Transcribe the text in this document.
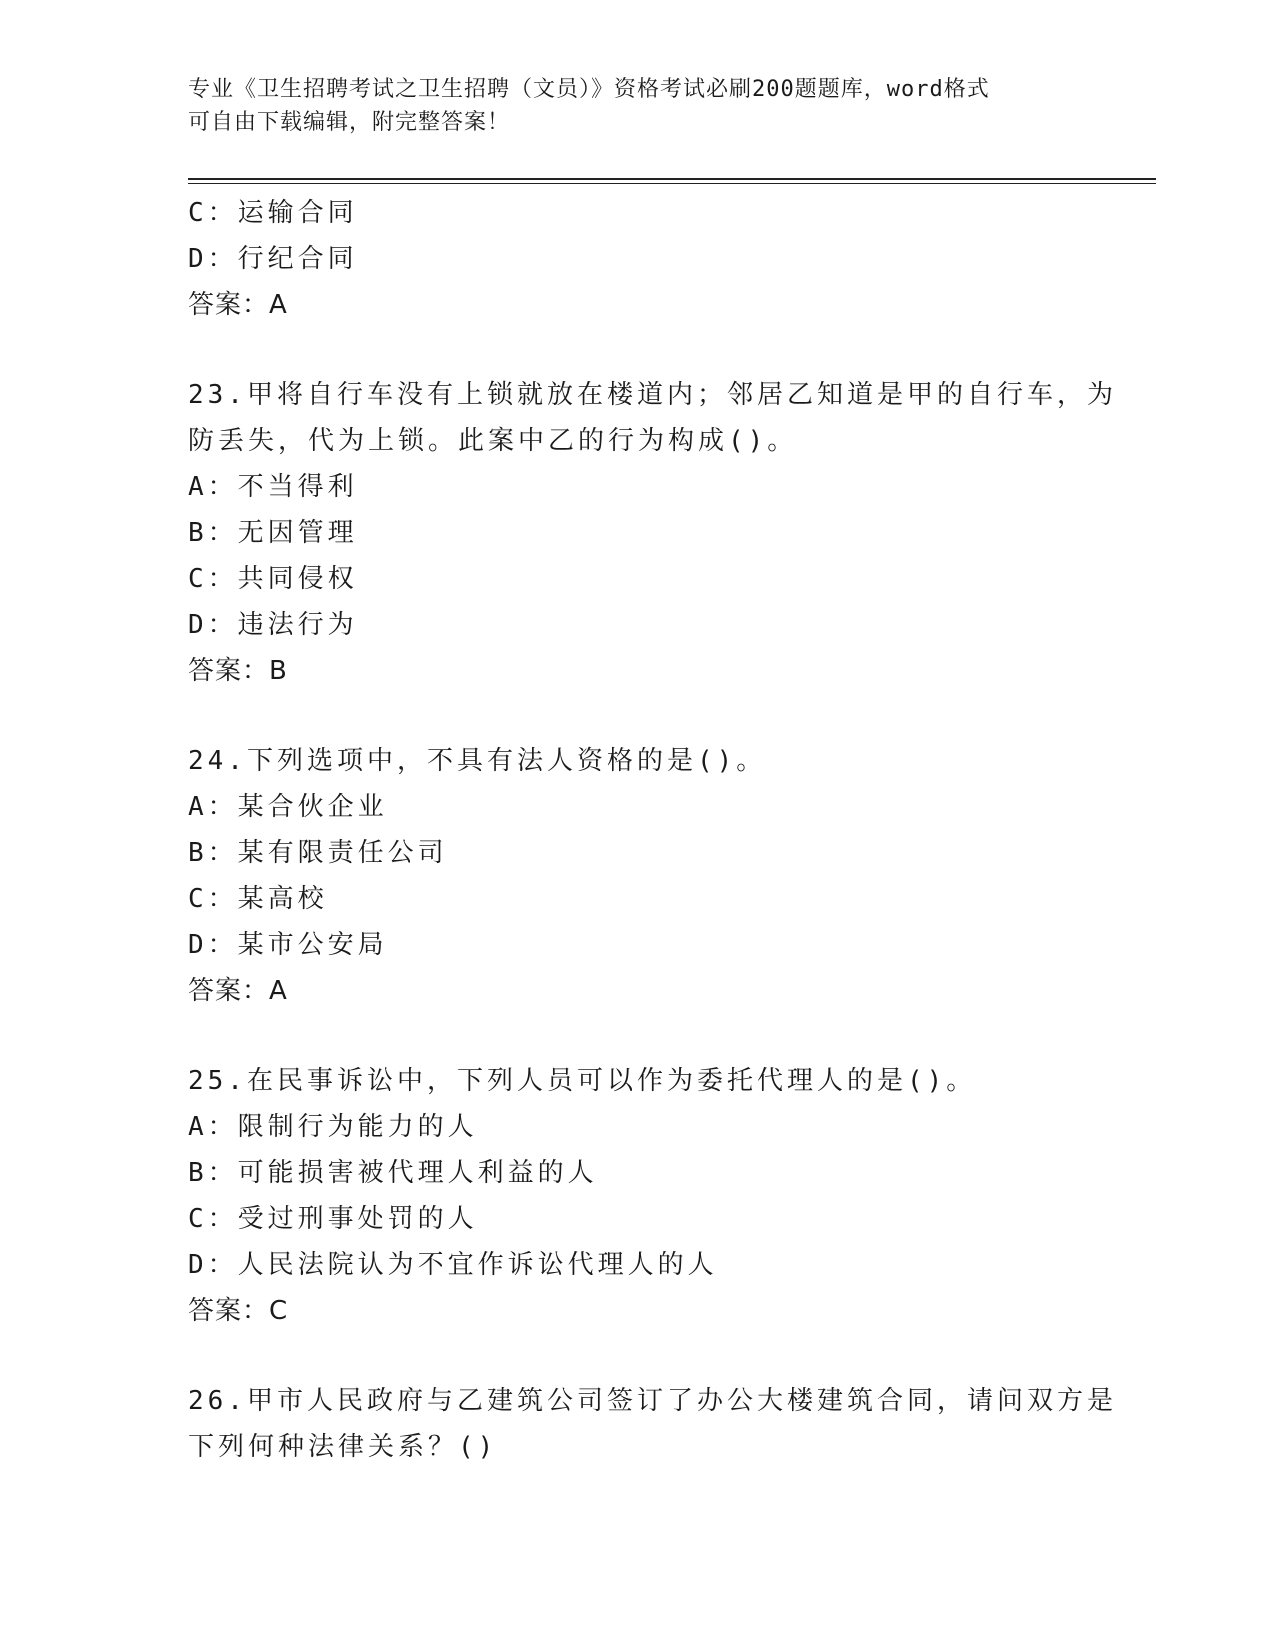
专业《卫生招聘考试之卫生招聘（文员）》资格考试必刷200题题库，word格式
可自由下载编辑，附完整答案！
C：运输合同
D：行纪合同
答案：A
23.甲将自行车没有上锁就放在楼道内；邻居乙知道是甲的自行车，为
防丢失，代为上锁。此案中乙的行为构成()。
A：不当得利
B：无因管理
C：共同侵权
D：违法行为
答案：B
24.下列选项中，不具有法人资格的是()。
A：某合伙企业
B：某有限责任公司
C：某高校
D：某市公安局
答案：A
25.在民事诉讼中，下列人员可以作为委托代理人的是()。
A：限制行为能力的人
B：可能损害被代理人利益的人
C：受过刑事处罚的人
D：人民法院认为不宜作诉讼代理人的人
答案：C
26.甲市人民政府与乙建筑公司签订了办公大楼建筑合同，请问双方是
下列何种法律关系？()
